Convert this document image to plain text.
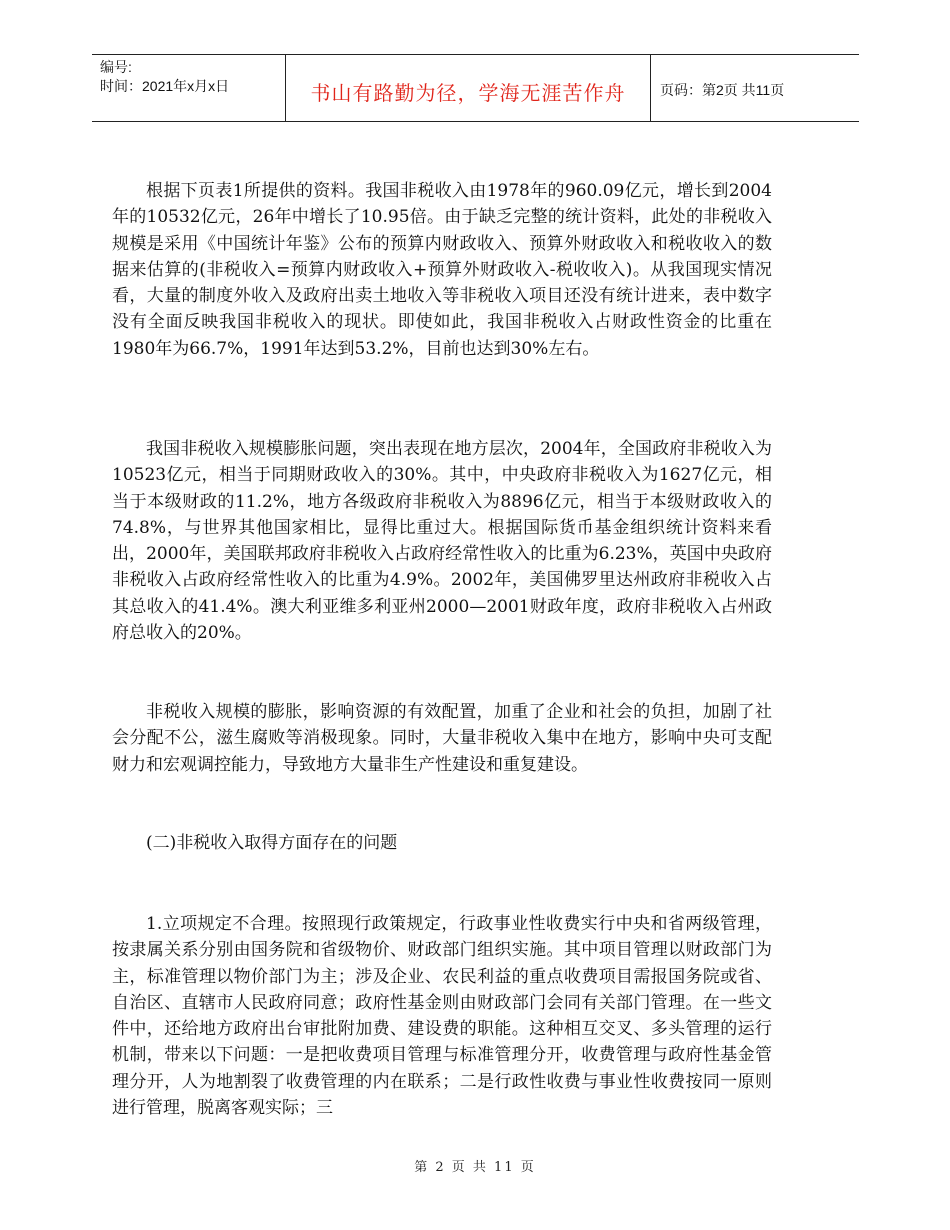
编号:
时间：2021年x月x日	书山有路勤为径，学海无涯苦作舟	页码：第2页 共11页

根据下页表1所提供的资料。我国非税收入由1978年的960.09亿元，增长到2004年的10532亿元，26年中增长了10.95倍。由于缺乏完整的统计资料，此处的非税收入规模是采用《中国统计年鉴》公布的预算内财政收入、预算外财政收入和税收收入的数据来估算的(非税收入=预算内财政收入+预算外财政收入-税收收入)。从我国现实情况看，大量的制度外收入及政府出卖土地收入等非税收入项目还没有统计进来，表中数字没有全面反映我国非税收入的现状。即使如此，我国非税收入占财政性资金的比重在1980年为66.7%，1991年达到53.2%，目前也达到30%左右。

我国非税收入规模膨胀问题，突出表现在地方层次，2004年，全国政府非税收入为10523亿元，相当于同期财政收入的30%。其中，中央政府非税收入为1627亿元，相当于本级财政的11.2%，地方各级政府非税收入为8896亿元，相当于本级财政收入的74.8%，与世界其他国家相比，显得比重过大。根据国际货币基金组织统计资料来看出，2000年，美国联邦政府非税收入占政府经常性收入的比重为6.23%，英国中央政府非税收入占政府经常性收入的比重为4.9%。2002年，美国佛罗里达州政府非税收入占其总收入的41.4%。澳大利亚维多利亚州2000—2001财政年度，政府非税收入占州政府总收入的20%。

非税收入规模的膨胀，影响资源的有效配置，加重了企业和社会的负担，加剧了社会分配不公，滋生腐败等消极现象。同时，大量非税收入集中在地方，影响中央可支配财力和宏观调控能力，导致地方大量非生产性建设和重复建设。

(二)非税收入取得方面存在的问题

1.立项规定不合理。按照现行政策规定，行政事业性收费实行中央和省两级管理，按隶属关系分别由国务院和省级物价、财政部门组织实施。其中项目管理以财政部门为主，标准管理以物价部门为主；涉及企业、农民利益的重点收费项目需报国务院或省、自治区、直辖市人民政府同意；政府性基金则由财政部门会同有关部门管理。在一些文件中，还给地方政府出台审批附加费、建设费的职能。这种相互交叉、多头管理的运行机制，带来以下问题：一是把收费项目管理与标准管理分开，收费管理与政府性基金管理分开，人为地割裂了收费管理的内在联系；二是行政性收费与事业性收费按同一原则进行管理，脱离客观实际；三

第 2 页 共 11 页
